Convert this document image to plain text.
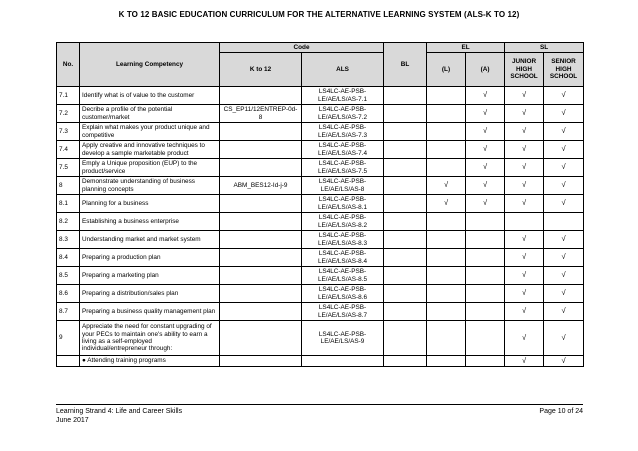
K TO 12 BASIC EDUCATION CURRICULUM FOR THE ALTERNATIVE LEARNING SYSTEM (ALS-K TO 12)
No.	Learning Competency	Code		BL	EL		SL	
		K to 12	ALS		(L)	(A)	JUNIOR HIGH SCHOOL	SENIOR HIGH SCHOOL
7.1	Identify what is of value to the customer		LS4LC-AE-PSB-LE/AE/LS/AS-7.1			√	√	√
7.2	Decribe a profile of the potential customer/market	CS_EP11/12ENTREP-0d-8	LS4LC-AE-PSB-LE/AE/LS/AS-7.2			√	√	√
7.3	Explain what makes your product unique and competitive		LS4LC-AE-PSB-LE/AE/LS/AS-7.3			√	√	√
7.4	Apply creative and innovative techniques to develop a sample marketable product		LS4LC-AE-PSB-LE/AE/LS/AS-7.4			√	√	√
7.5	Emply a Unique proposition (EUP) to the product/service		LS4LC-AE-PSB-LE/AE/LS/AS-7.5			√	√	√
8	Demonstrate understanding of business planning concepts	ABM_BES12-Id-j-9	LS4LC-AE-PSB-LE/AE/LS/AS-8		√	√	√	√
8.1	Planning for a business		LS4LC-AE-PSB-LE/AE/LS/AS-8.1		√	√	√	√
8.2	Establishing a business enterprise		LS4LC-AE-PSB-LE/AE/LS/AS-8.2					
8.3	Understanding market and market system		LS4LC-AE-PSB-LE/AE/LS/AS-8.3				√	√
8.4	Preparing a production plan		LS4LC-AE-PSB-LE/AE/LS/AS-8.4				√	√
8.5	Preparing a marketing plan		LS4LC-AE-PSB-LE/AE/LS/AS-8.5				√	√
8.6	Preparing a distribution/sales plan		LS4LC-AE-PSB-LE/AE/LS/AS-8.6				√	√
8.7	Preparing a business quality management plan		LS4LC-AE-PSB-LE/AE/LS/AS-8.7				√	√
9	Appreciate the need for constant upgrading of your PECs to maintain one's ability to earn a living as a self-employed individual/entrepreneur through:		LS4LC-AE-PSB-LE/AE/LS/AS-9				√	√
	● Attending training programs						√	√
Learning Strand 4: Life and Career Skills	Page 10 of 24
June 2017
